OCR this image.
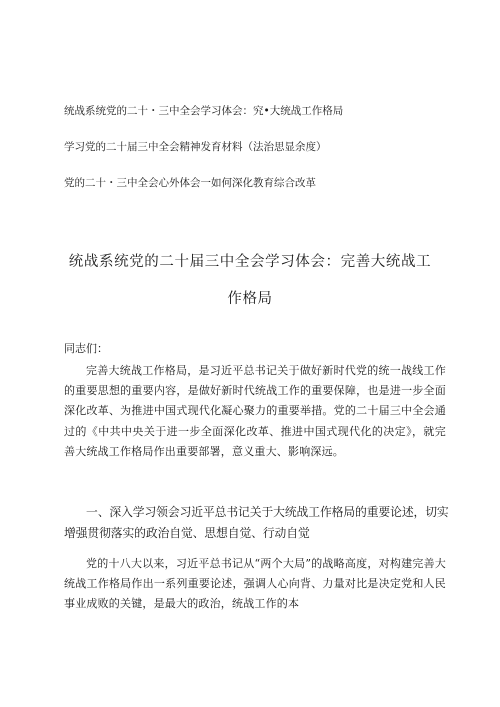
统战系统党的二十・三中全会学习体会：究•大统战工作格局
学习党的二十届三中全会精神发育材料（法治思显余度）
党的二十・三中全会心外体会一如何深化教育综合改革
统战系统党的二十届三中全会学习体会：完善大统战工
作格局
同志们：

完善大统战工作格局，是习近平总书记关于做好新时代党的统一战线工作的重要思想的重要内容，是做好新时代统战工作的重要保障，也是进一步全面深化改革、为推进中国式现代化凝心聚力的重要举措。党的二十届三中全会通过的《中共中央关于进一步全面深化改革、推进中国式现代化的决定》，就完善大统战工作格局作出重要部署，意义重大、影响深远。

一、深入学习领会习近平总书记关于大统战工作格局的重要论述，切实增强贯彻落实的政治自觉、思想自觉、行动自觉

党的十八大以来，习近平总书记从“两个大局”的战略高度，对构建完善大统战工作格局作出一系列重要论述，强调人心向背、力量对比是决定党和人民事业成败的关键，是最大的政治，统战工作的本
